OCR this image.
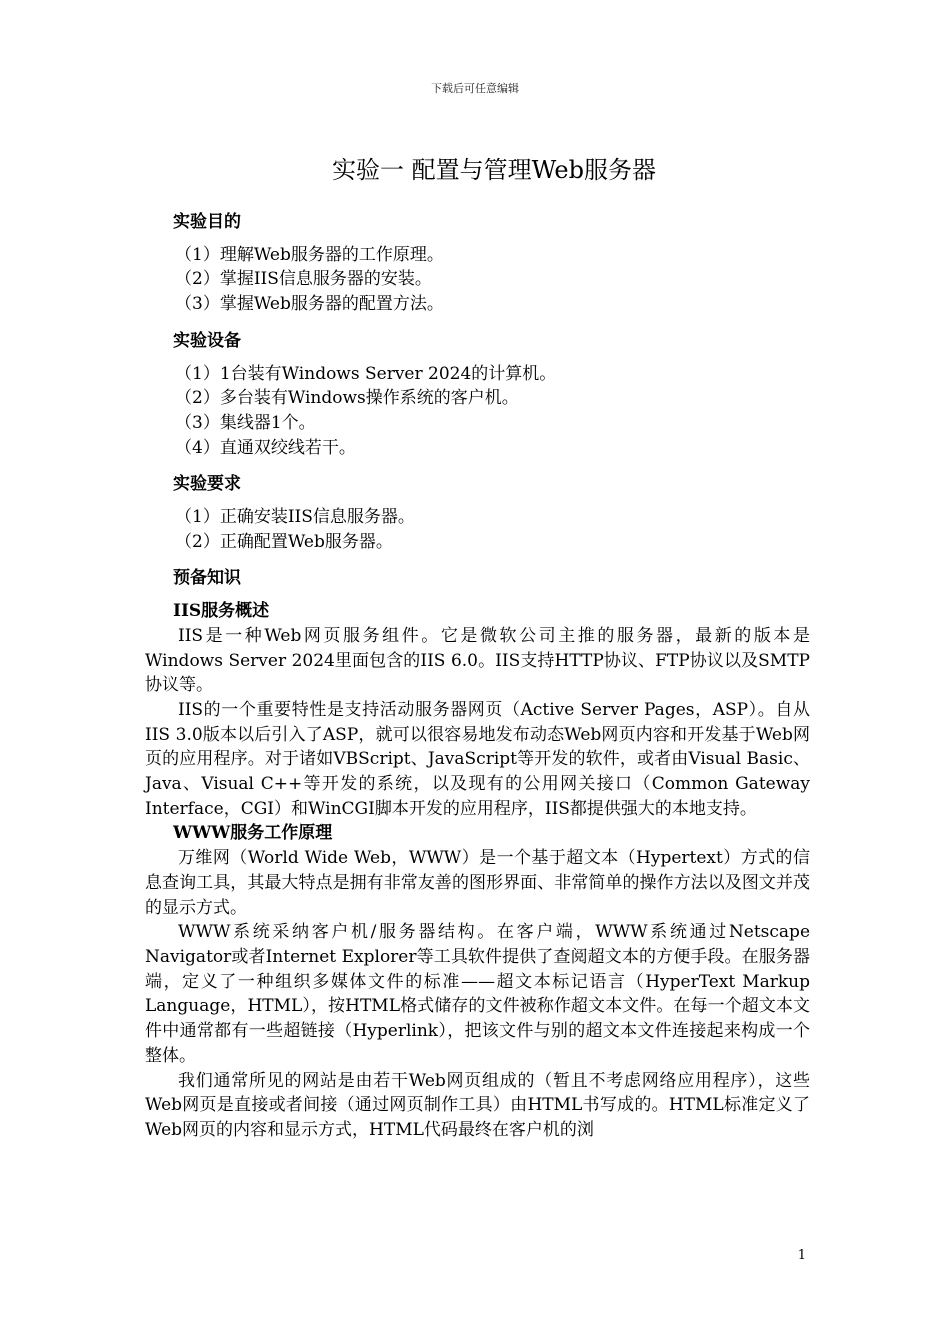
下载后可任意编辑
实验一 配置与管理Web服务器
实验目的
（1）理解Web服务器的工作原理。
（2）掌握IIS信息服务器的安装。
（3）掌握Web服务器的配置方法。
实验设备
（1）1台装有Windows Server 2024的计算机。
（2）多台装有Windows操作系统的客户机。
（3）集线器1个。
（4）直通双绞线若干。
实验要求
（1）正确安装IIS信息服务器。
（2）正确配置Web服务器。
预备知识
IIS服务概述

IIS是一种Web网页服务组件。它是微软公司主推的服务器，最新的版本是Windows Server 2024里面包含的IIS 6.0。IIS支持HTTP协议、FTP协议以及SMTP协议等。

IIS的一个重要特性是支持活动服务器网页（Active Server Pages，ASP）。自从IIS 3.0版本以后引入了ASP，就可以很容易地发布动态Web网页内容和开发基于Web网页的应用程序。对于诸如VBScript、JavaScript等开发的软件，或者由Visual Basic、Java、Visual C++等开发的系统，以及现有的公用网关接口（Common Gateway Interface，CGI）和WinCGI脚本开发的应用程序，IIS都提供强大的本地支持。

WWW服务工作原理

万维网（World Wide Web，WWW）是一个基于超文本（Hypertext）方式的信息查询工具，其最大特点是拥有非常友善的图形界面、非常简单的操作方法以及图文并茂的显示方式。

WWW系统采纳客户机/服务器结构。在客户端，WWW系统通过Netscape Navigator或者Internet Explorer等工具软件提供了查阅超文本的方便手段。在服务器端，定义了一种组织多媒体文件的标准——超文本标记语言（HyperText Markup Language，HTML），按HTML格式储存的文件被称作超文本文件。在每一个超文本文件中通常都有一些超链接（Hyperlink），把该文件与别的超文本文件连接起来构成一个整体。

我们通常所见的网站是由若干Web网页组成的（暂且不考虑网络应用程序），这些Web网页是直接或者间接（通过网页制作工具）由HTML书写成的。HTML标准定义了Web网页的内容和显示方式，HTML代码最终在客户机的浏

1
